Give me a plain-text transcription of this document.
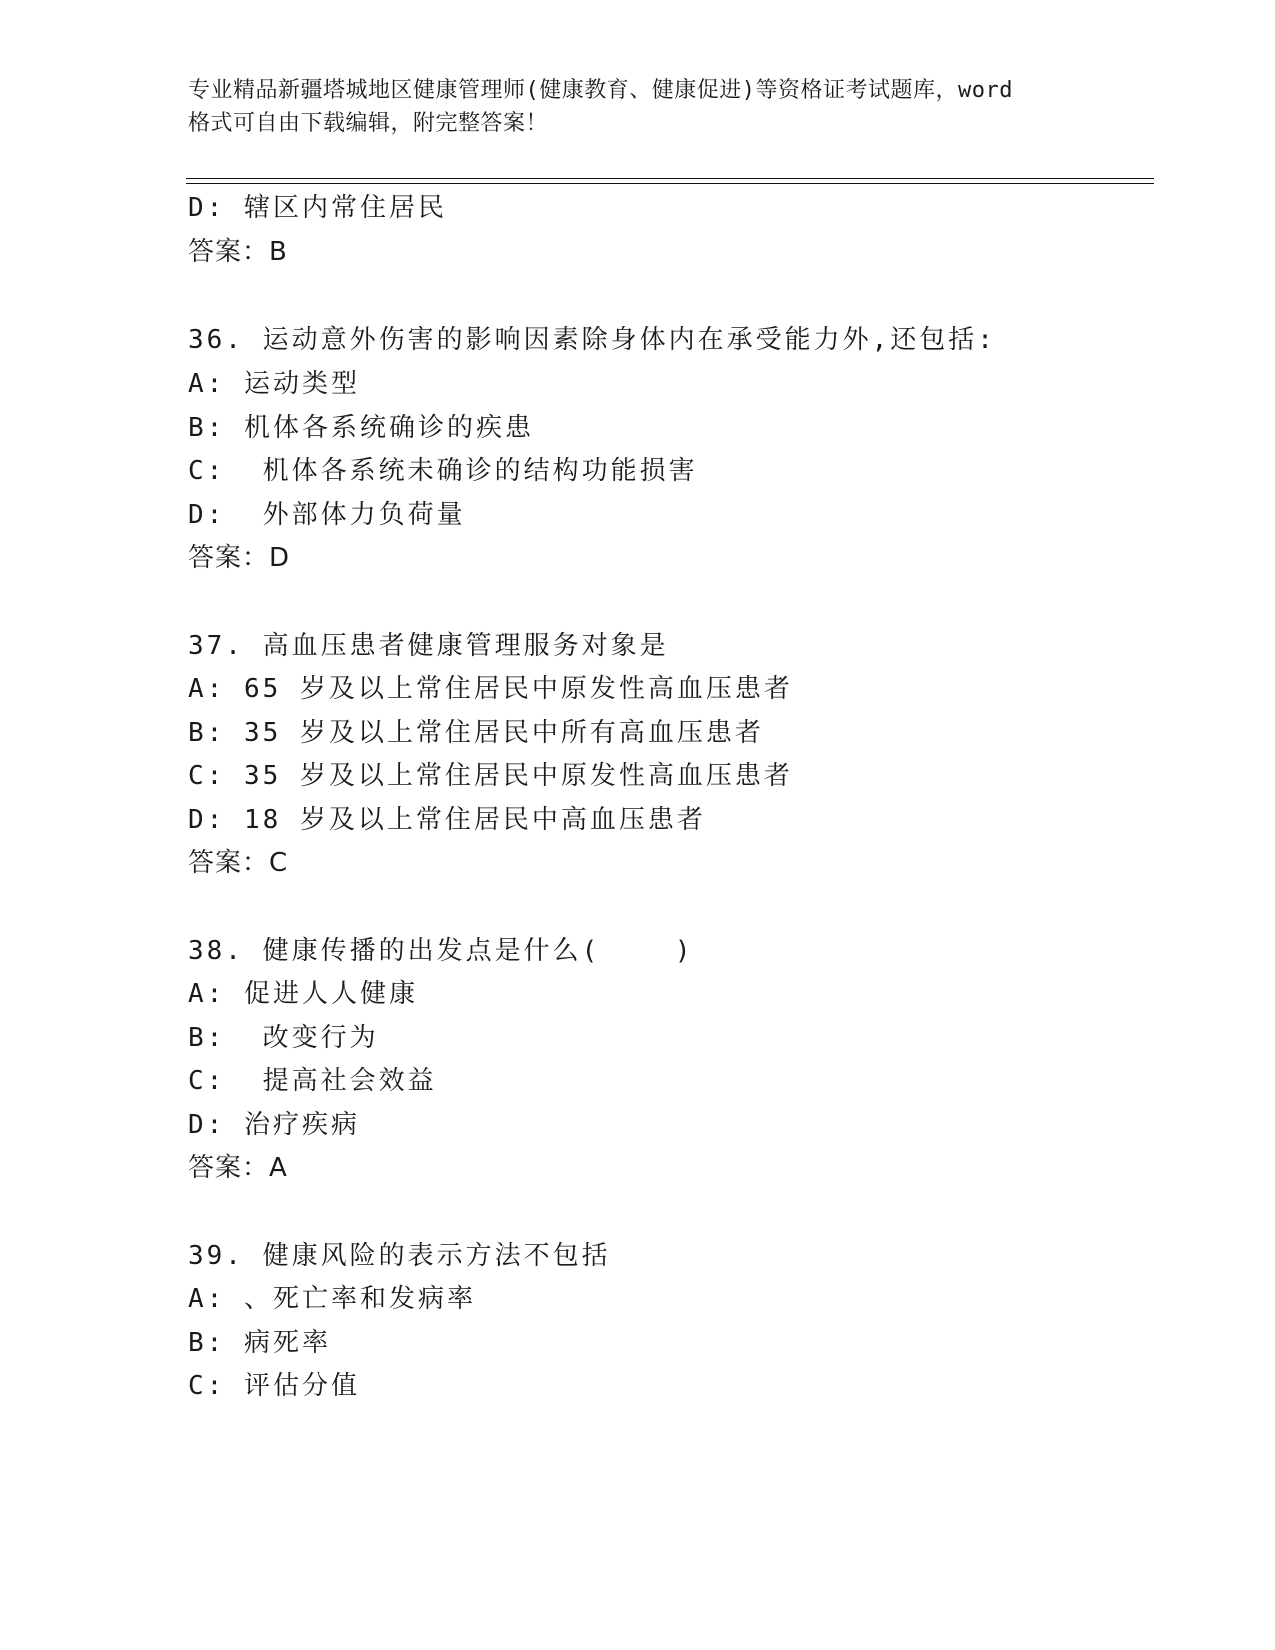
专业精品新疆塔城地区健康管理师(健康教育、健康促进)等资格证考试题库，word
格式可自由下载编辑，附完整答案！
D: 辖区内常住居民
答案：B
36. 运动意外伤害的影响因素除身体内在承受能力外,还包括:
A: 运动类型
B: 机体各系统确诊的疾患
C:  机体各系统未确诊的结构功能损害
D:  外部体力负荷量
答案：D
37. 高血压患者健康管理服务对象是
A: 65 岁及以上常住居民中原发性高血压患者
B: 35 岁及以上常住居民中所有高血压患者
C: 35 岁及以上常住居民中原发性高血压患者
D: 18 岁及以上常住居民中高血压患者
答案：C
38. 健康传播的出发点是什么(    )
A: 促进人人健康
B:  改变行为
C:  提高社会效益
D: 治疗疾病
答案：A
39. 健康风险的表示方法不包括
A: 、死亡率和发病率
B: 病死率
C: 评估分值
